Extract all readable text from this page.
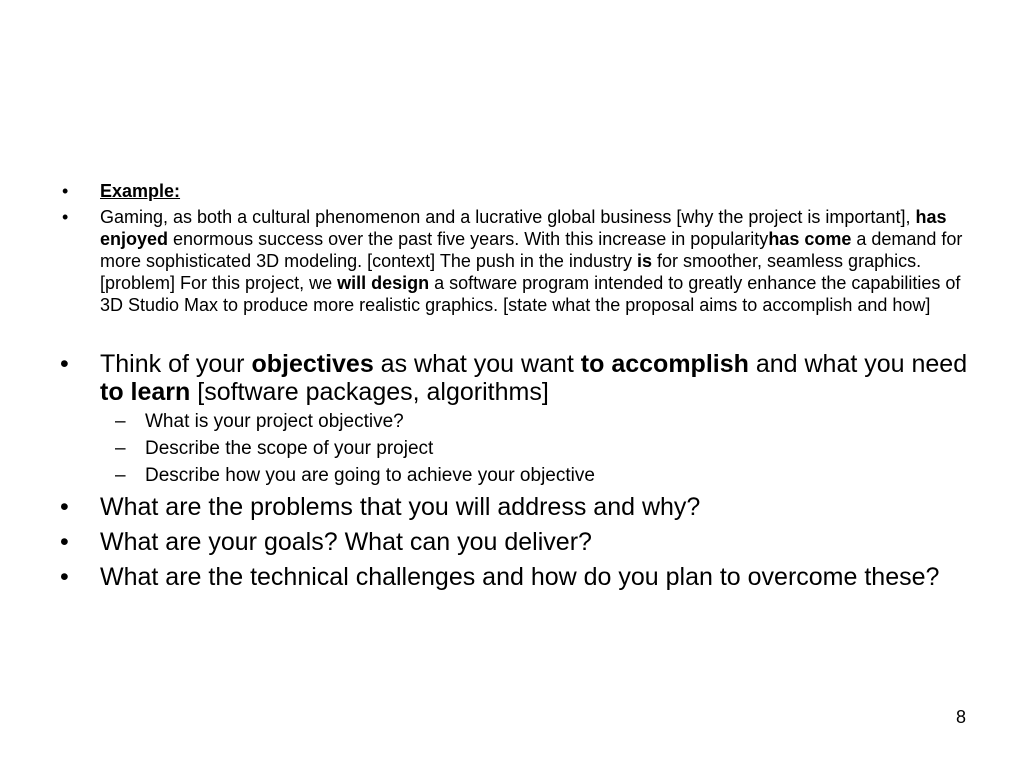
• Example:
• Gaming, as both a cultural phenomenon and a lucrative global business [why the project is important], has enjoyed enormous success over the past five years. With this increase in popularityhas come a demand for more sophisticated 3D modeling. [context] The push in the industry is for smoother, seamless graphics. [problem] For this project, we will design a software program intended to greatly enhance the capabilities of 3D Studio Max to produce more realistic graphics. [state what the proposal aims to accomplish and how]
• Think of your objectives as what you want to accomplish and what you need to learn [software packages, algorithms]
– What is your project objective?
– Describe the scope of your project
– Describe how you are going to achieve your objective
• What are the problems that you will address and why?
• What are your goals? What can you deliver?
• What are the technical challenges and how do you plan to overcome these?
8
